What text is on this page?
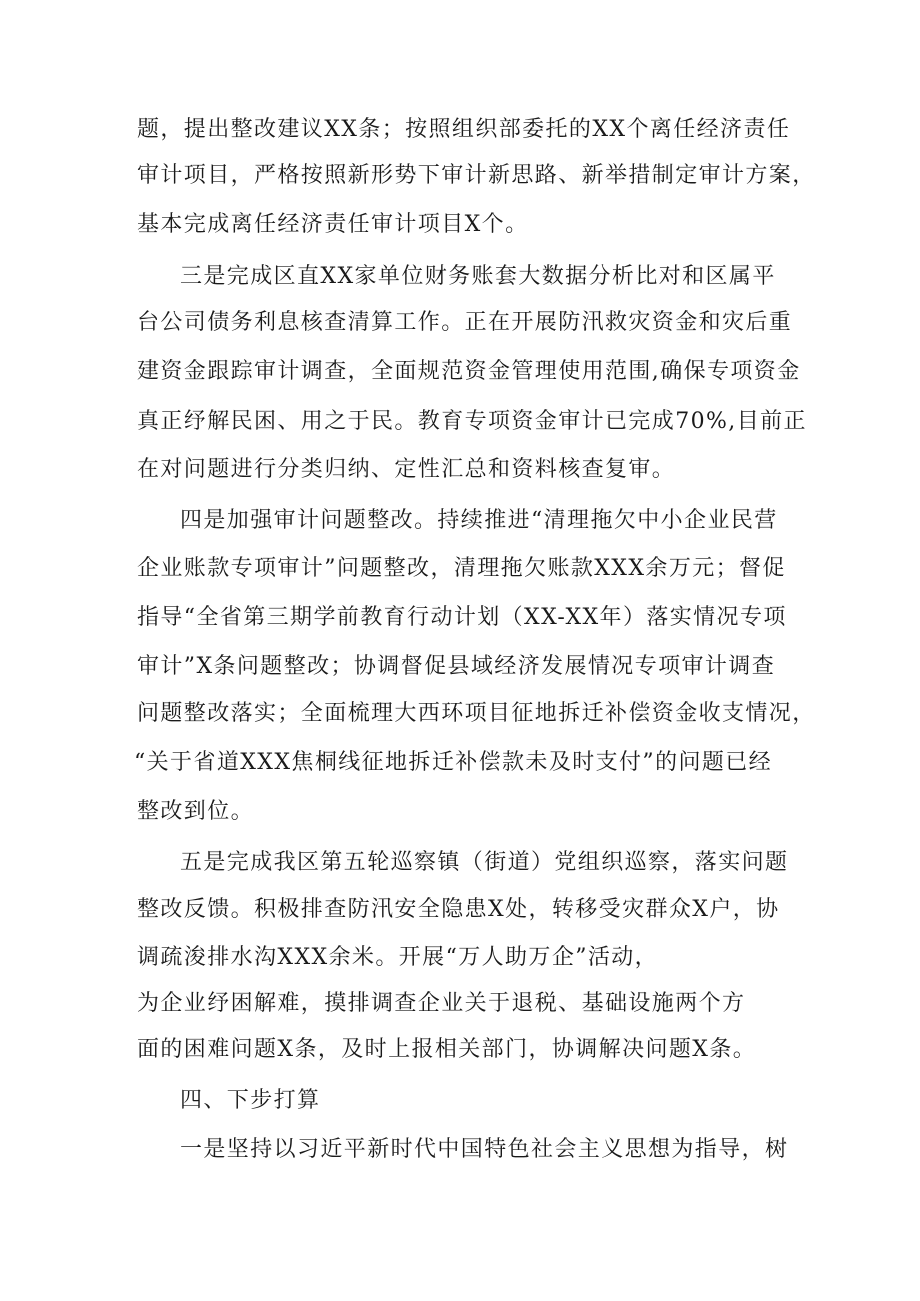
题，提出整改建议XX条；按照组织部委托的XX个离任经济责任
审计项目，严格按照新形势下审计新思路、新举措制定审计方案，
基本完成离任经济责任审计项目X个。
三是完成区直XX家单位财务账套大数据分析比对和区属平
台公司债务利息核查清算工作。正在开展防汛救灾资金和灾后重
建资金跟踪审计调查，全面规范资金管理使用范围,确保专项资金
真正纾解民困、用之于民。教育专项资金审计已完成70%,目前正
在对问题进行分类归纳、定性汇总和资料核查复审。
四是加强审计问题整改。持续推进“清理拖欠中小企业民营
企业账款专项审计”问题整改，清理拖欠账款XXX余万元；督促
指导“全省第三期学前教育行动计划（XX-XX年）落实情况专项
审计”X条问题整改；协调督促县域经济发展情况专项审计调查
问题整改落实；全面梳理大西环项目征地拆迁补偿资金收支情况，
“关于省道XXX焦桐线征地拆迁补偿款未及时支付”的问题已经
整改到位。
五是完成我区第五轮巡察镇（街道）党组织巡察，落实问题
整改反馈。积极排查防汛安全隐患X处，转移受灾群众X户，协
调疏浚排水沟XXX余米。开展“万人助万企”活动，
为企业纾困解难，摸排调查企业关于退税、基础设施两个方
面的困难问题X条，及时上报相关部门，协调解决问题X条。
四、下步打算
一是坚持以习近平新时代中国特色社会主义思想为指导，树
